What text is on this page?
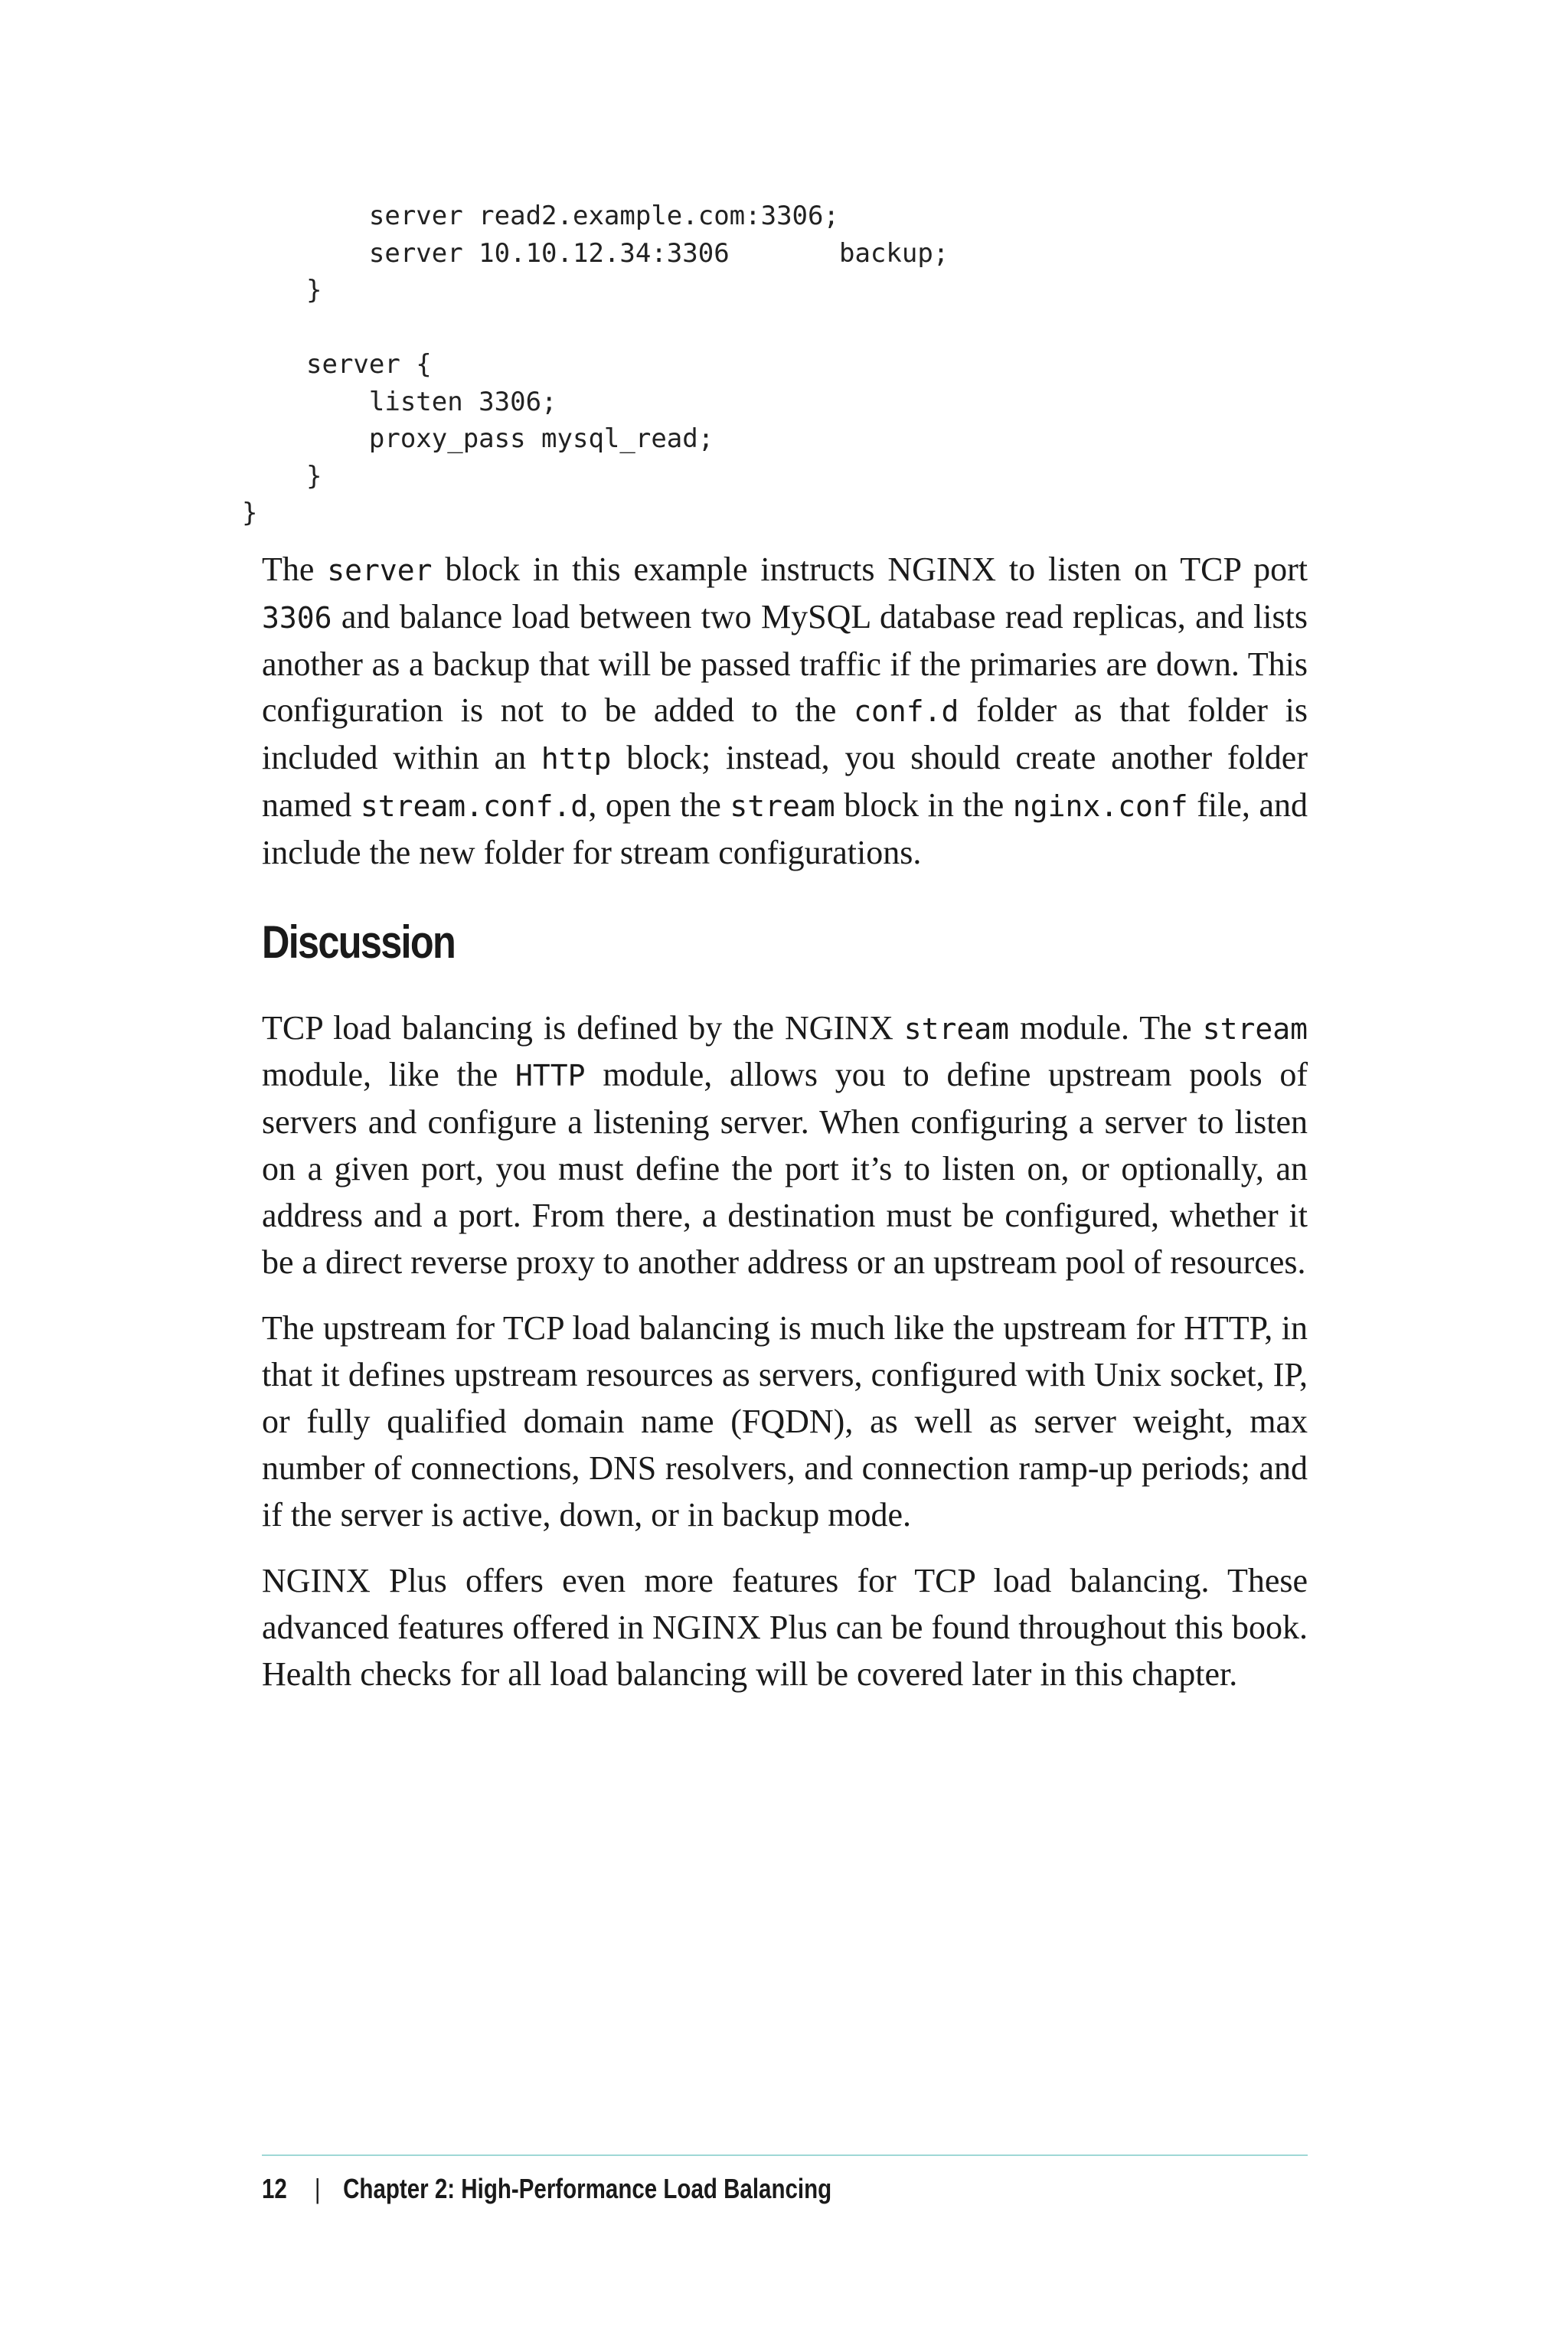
server read2.example.com:3306;
server 10.10.12.34:3306       backup;
}
server {
listen 3306;
proxy_pass mysql_read;
}
}

The server block in this example instructs NGINX to listen on TCP port 3306 and balance load between two MySQL database read replicas, and lists another as a backup that will be passed traffic if the primaries are down. This configuration is not to be added to the conf.d folder as that folder is included within an http block; instead, you should create another folder named stream.conf.d, open the stream block in the nginx.conf file, and include the new folder for stream configurations.

Discussion

TCP load balancing is defined by the NGINX stream module. The stream module, like the HTTP module, allows you to define upstream pools of servers and configure a listening server. When configuring a server to listen on a given port, you must define the port it’s to listen on, or optionally, an address and a port. From there, a destination must be configured, whether it be a direct reverse proxy to another address or an upstream pool of resources.

The upstream for TCP load balancing is much like the upstream for HTTP, in that it defines upstream resources as servers, configured with Unix socket, IP, or fully qualified domain name (FQDN), as well as server weight, max number of connections, DNS resolvers, and connection ramp-up periods; and if the server is active, down, or in backup mode.

NGINX Plus offers even more features for TCP load balancing. These advanced features offered in NGINX Plus can be found throughout this book. Health checks for all load balancing will be covered later in this chapter.

12 | Chapter 2: High-Performance Load Balancing
